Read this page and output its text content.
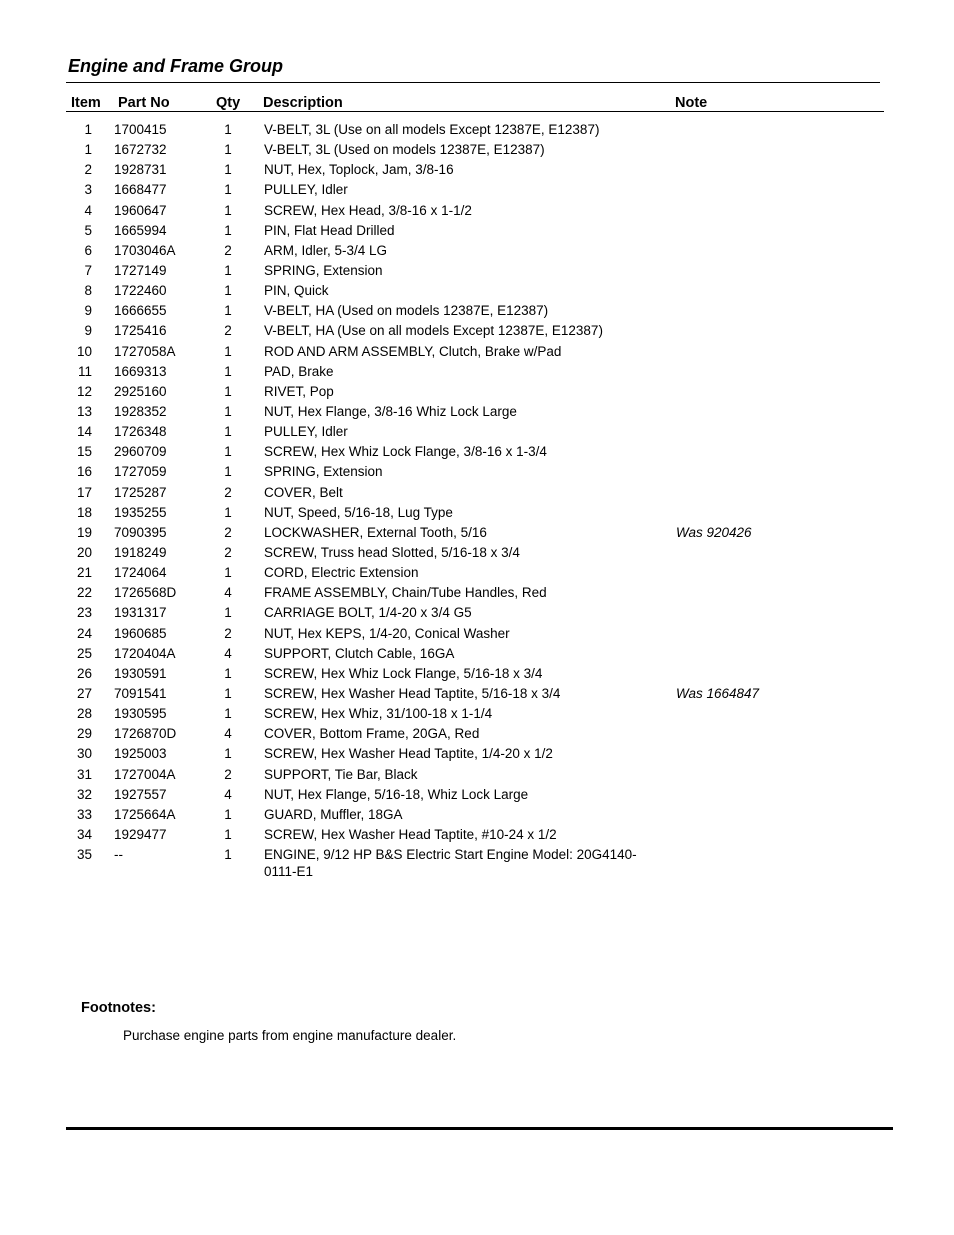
Engine and Frame Group
Item Part No	Qty Description	Note
1 1700415	1 V-BELT, 3L (Use on all models Except 12387E, E12387)
1 1672732	1 V-BELT, 3L (Used on models 12387E, E12387)
2 1928731	1 NUT, Hex, Toplock, Jam, 3/8-16
3 1668477	1 PULLEY, Idler
4 1960647	1 SCREW, Hex Head, 3/8-16 x 1-1/2
5 1665994	1 PIN, Flat Head Drilled
6 1703046A	2 ARM, Idler, 5-3/4 LG
7 1727149	1 SPRING, Extension
8 1722460	1 PIN, Quick
9 1666655	1 V-BELT, HA (Used on models 12387E, E12387)
9 1725416	2 V-BELT, HA (Use on all models Except 12387E, E12387)
10 1727058A	1 ROD AND ARM ASSEMBLY, Clutch, Brake w/Pad
11 1669313	1 PAD, Brake
12 2925160	1 RIVET, Pop
13 1928352	1 NUT, Hex Flange, 3/8-16 Whiz Lock Large
14 1726348	1 PULLEY, Idler
15 2960709	1 SCREW, Hex Whiz Lock Flange, 3/8-16 x 1-3/4
16 1727059	1 SPRING, Extension
17 1725287	2 COVER, Belt
18 1935255	1 NUT, Speed, 5/16-18, Lug Type
19 7090395	2 LOCKWASHER, External Tooth, 5/16	Was 920426
20 1918249	2 SCREW, Truss head Slotted, 5/16-18 x 3/4
21 1724064	1 CORD, Electric Extension
22 1726568D	4 FRAME ASSEMBLY, Chain/Tube Handles, Red
23 1931317	1 CARRIAGE BOLT, 1/4-20 x 3/4 G5
24 1960685	2 NUT, Hex KEPS, 1/4-20, Conical Washer
25 1720404A	4 SUPPORT, Clutch Cable, 16GA
26 1930591	1 SCREW, Hex Whiz Lock Flange, 5/16-18 x 3/4
27 7091541	1 SCREW, Hex Washer Head Taptite, 5/16-18 x 3/4	Was 1664847
28 1930595	1 SCREW, Hex Whiz, 31/100-18 x 1-1/4
29 1726870D	4 COVER, Bottom Frame, 20GA, Red
30 1925003	1 SCREW, Hex Washer Head Taptite, 1/4-20 x 1/2
31 1727004A	2 SUPPORT, Tie Bar, Black
32 1927557	4 NUT, Hex Flange, 5/16-18, Whiz Lock Large
33 1725664A	1 GUARD, Muffler, 18GA
34 1929477	1 SCREW, Hex Washer Head Taptite, #10-24 x 1/2
35 --	1 ENGINE, 9/12 HP B&S Electric Start Engine Model: 20G4140-0111-E1
Footnotes:
Purchase engine parts from engine manufacture dealer.
